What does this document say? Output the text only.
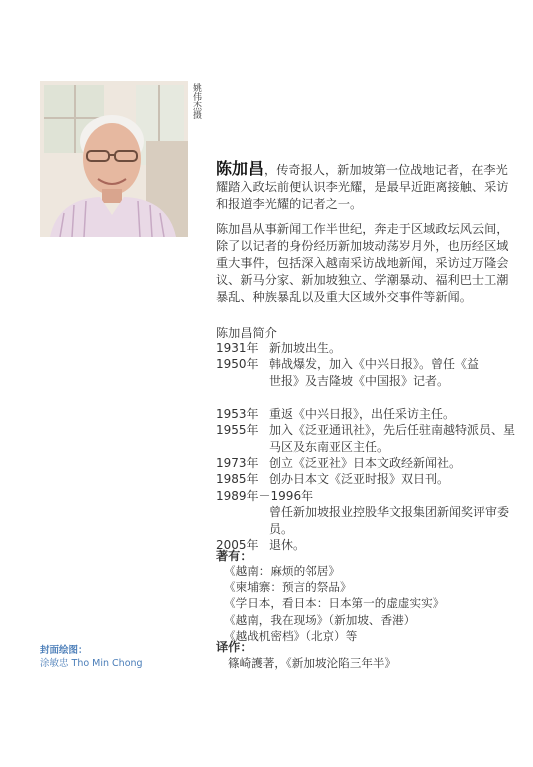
姚伟杰摄
陈加昌，传奇报人，新加坡第一位战地记者，在李光耀踏入政坛前便认识李光耀，是最早近距离接触、采访和报道李光耀的记者之一。
陈加昌从事新闻工作半世纪，奔走于区域政坛风云间，除了以记者的身份经历新加坡动荡岁月外，也历经区域重大事件，包括深入越南采访战地新闻，采访过万隆会议、新马分家、新加坡独立、学潮暴动、福利巴士工潮暴乱、种族暴乱以及重大区域外交事件等新闻。
陈加昌简介
1931年 新加坡出生。
1950年 韩战爆发，加入《中兴日报》。曾任《益世报》及吉隆坡《中国报》记者。
1953年 重返《中兴日报》，出任采访主任。
1955年 加入《泛亚通讯社》，先后任驻南越特派员、星马区及东南亚区主任。
1973年 创立《泛亚社》日本文政经新闻社。
1985年 创办日本文《泛亚时报》双日刊。
1989年－1996年
曾任新加坡报业控股华文报集团新闻奖评审委员。
2005年 退休。
著有：
《越南：麻烦的邻居》
《柬埔寨：预言的祭品》
《学日本，看日本：日本第一的虚虚实实》
《越南，我在现场》（新加坡、香港）
《越战机密档》（北京）等
译作：
篠崎護著，《新加坡沦陷三年半》
封面绘图：
涂敏忠 Tho Min Chong
